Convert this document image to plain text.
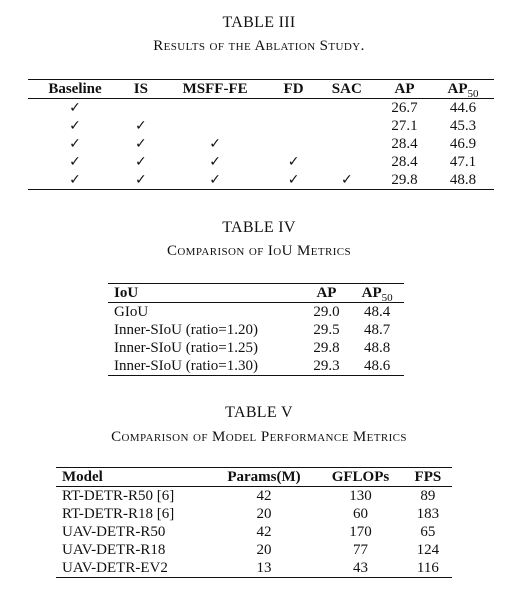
TABLE III
Results of the Ablation Study.
Baseline	IS	MSFF-FE	FD	SAC	AP	$AP_{50}$
✓					26.7	44.6
✓	✓				27.1	45.3
✓	✓	✓			28.4	46.9
✓	✓	✓	✓		28.4	47.1
✓	✓	✓	✓	✓	29.8	48.8
TABLE IV
Comparison of IoU Metrics
IoU	AP	$AP_{50}$
GIoU	29.0	48.4
Inner-SIoU (ratio=1.20)	29.5	48.7
Inner-SIoU (ratio=1.25)	29.8	48.8
Inner-SIoU (ratio=1.30)	29.3	48.6
TABLE V
Comparison of Model Performance Metrics
Model	Params(M)	GFLOPs	FPS
RT-DETR-R50 [6]	42	130	89
RT-DETR-R18 [6]	20	60	183
UAV-DETR-R50	42	170	65
UAV-DETR-R18	20	77	124
UAV-DETR-EV2	13	43	116
